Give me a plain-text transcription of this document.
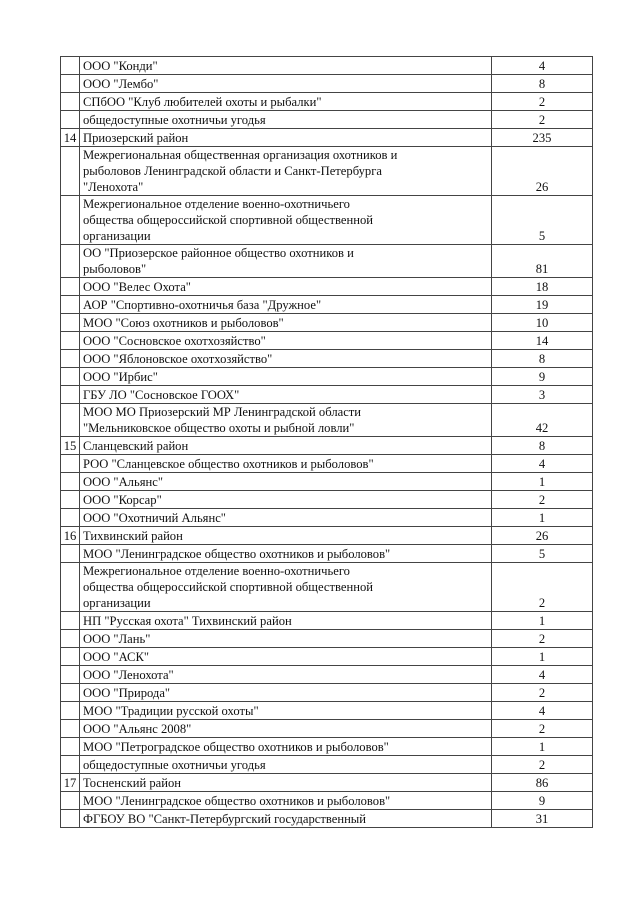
	ООО "Конди"	4

	ООО "Лембо"	8

	СПбОО "Клуб любителей охоты и рыбалки"	2

	общедоступные охотничьи угодья	2
14	Приозерский район	235

	Межрегиональная общественная организация охотников и
рыболовов Ленинградской области и Санкт-Петербурга
"Ленохота"	26

	Межрегиональное отделение военно-охотничьего
общества общероссийской спортивной общественной
организации	5

	ОО "Приозерское районное общество охотников и
рыболовов"	81

	ООО "Велес Охота"	18

	АОР "Спортивно-охотничья база "Дружное"	19

	МОО "Союз охотников и рыболовов"	10

	ООО "Сосновское охотхозяйство"	14

	ООО "Яблоновское охотхозяйство"	8

	ООО "Ирбис"	9

	ГБУ ЛО "Сосновское ГООХ"	3

	МОО МО Приозерский МР Ленинградской области
"Мельниковское общество охоты и рыбной ловли"	42
15	Сланцевский район	8

	РОО "Сланцевское общество охотников и рыболовов"	4

	ООО "Альянс"	1

	ООО "Корсар"	2

	ООО "Охотничий Альянс"	1
16	Тихвинский район	26

	МОО "Ленинградское общество охотников и рыболовов"	5

	Межрегиональное отделение военно-охотничьего
общества общероссийской спортивной общественной
организации	2

	НП "Русская охота" Тихвинский район	1

	ООО "Лань"	2

	ООО "АСК"	1

	ООО "Ленохота"	4

	ООО "Природа"	2

	МОО "Традиции русской охоты"	4

	ООО "Альянс 2008"	2

	МОО "Петроградское общество охотников и рыболовов"	1

	общедоступные охотничьи угодья	2
17	Тосненский район	86

	МОО "Ленинградское общество охотников и рыболовов"	9

	ФГБОУ ВО "Санкт-Петербургский государственный	31
